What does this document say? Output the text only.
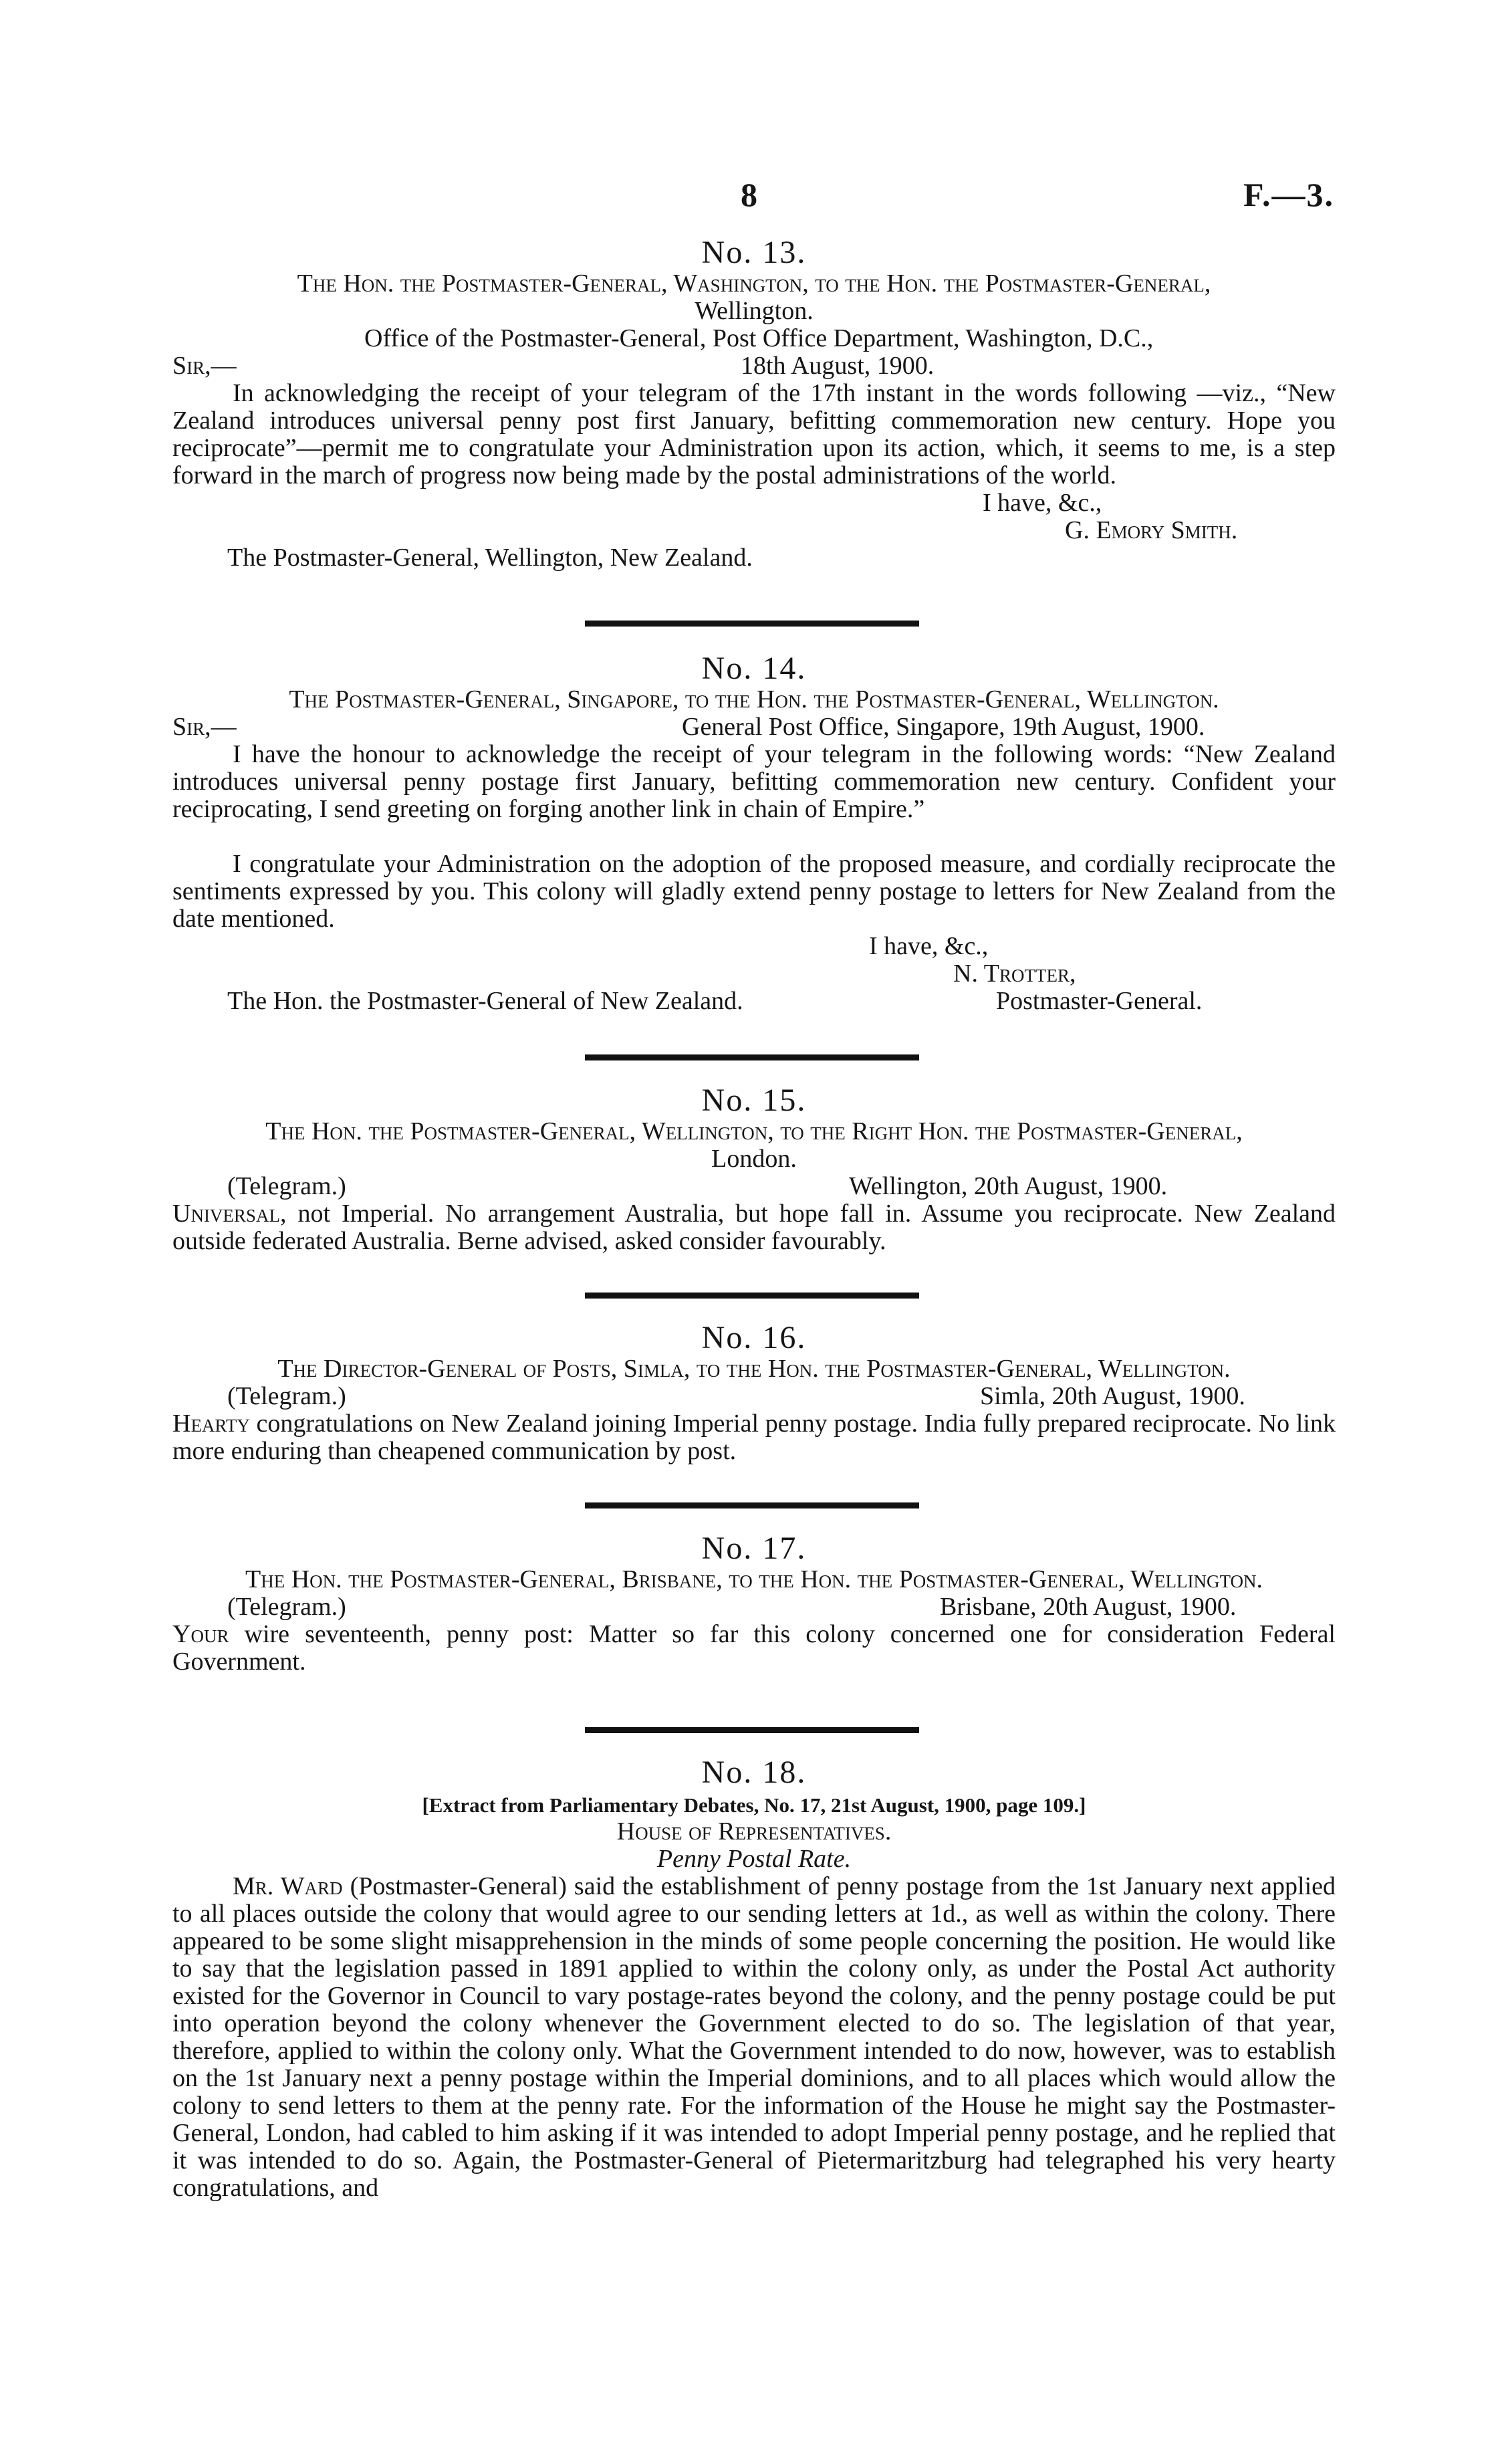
8	F.—3.
No. 13.
The Hon. the Postmaster-General, Washington, to the Hon. the Postmaster-General,
Wellington.
Office of the Postmaster-General, Post Office Department, Washington, D.C.,
Sir,—	18th August, 1900.
In acknowledging the receipt of your telegram of the 17th instant in the words following —viz., “New Zealand introduces universal penny post first January, befitting commemoration new century. Hope you reciprocate”—permit me to congratulate your Administration upon its action, which, it seems to me, is a step forward in the march of progress now being made by the postal administrations of the world.
I have, &c.,
G. Emory Smith.
The Postmaster-General, Wellington, New Zealand.
No. 14.
The Postmaster-General, Singapore, to the Hon. the Postmaster-General, Wellington.
Sir,—	General Post Office, Singapore, 19th August, 1900.
I have the honour to acknowledge the receipt of your telegram in the following words: “New Zealand introduces universal penny postage first January, befitting commemoration new century. Confident your reciprocating, I send greeting on forging another link in chain of Empire.”
I congratulate your Administration on the adoption of the proposed measure, and cordially reciprocate the sentiments expressed by you. This colony will gladly extend penny postage to letters for New Zealand from the date mentioned.
I have, &c.,
N. Trotter,
The Hon. the Postmaster-General of New Zealand.	Postmaster-General.
No. 15.
The Hon. the Postmaster-General, Wellington, to the Right Hon. the Postmaster-General,
London.
(Telegram.)	Wellington, 20th August, 1900.
Universal, not Imperial. No arrangement Australia, but hope fall in. Assume you reciprocate. New Zealand outside federated Australia. Berne advised, asked consider favourably.
No. 16.
The Director-General of Posts, Simla, to the Hon. the Postmaster-General, Wellington.
(Telegram.)	Simla, 20th August, 1900.
Hearty congratulations on New Zealand joining Imperial penny postage. India fully prepared reciprocate. No link more enduring than cheapened communication by post.
No. 17.
The Hon. the Postmaster-General, Brisbane, to the Hon. the Postmaster-General, Wellington.
(Telegram.)	Brisbane, 20th August, 1900.
Your wire seventeenth, penny post: Matter so far this colony concerned one for consideration Federal Government.
No. 18.
[Extract from Parliamentary Debates, No. 17, 21st August, 1900, page 109.]
House of Representatives.
Penny Postal Rate.
Mr. Ward (Postmaster-General) said the establishment of penny postage from the 1st January next applied to all places outside the colony that would agree to our sending letters at 1d., as well as within the colony. There appeared to be some slight misapprehension in the minds of some people concerning the position. He would like to say that the legislation passed in 1891 applied to within the colony only, as under the Postal Act authority existed for the Governor in Council to vary postage-rates beyond the colony, and the penny postage could be put into operation beyond the colony whenever the Government elected to do so. The legislation of that year, therefore, applied to within the colony only. What the Government intended to do now, however, was to establish on the 1st January next a penny postage within the Imperial dominions, and to all places which would allow the colony to send letters to them at the penny rate. For the information of the House he might say the Postmaster-General, London, had cabled to him asking if it was intended to adopt Imperial penny postage, and he replied that it was intended to do so. Again, the Postmaster-General of Pietermaritzburg had telegraphed his very hearty congratulations, and
